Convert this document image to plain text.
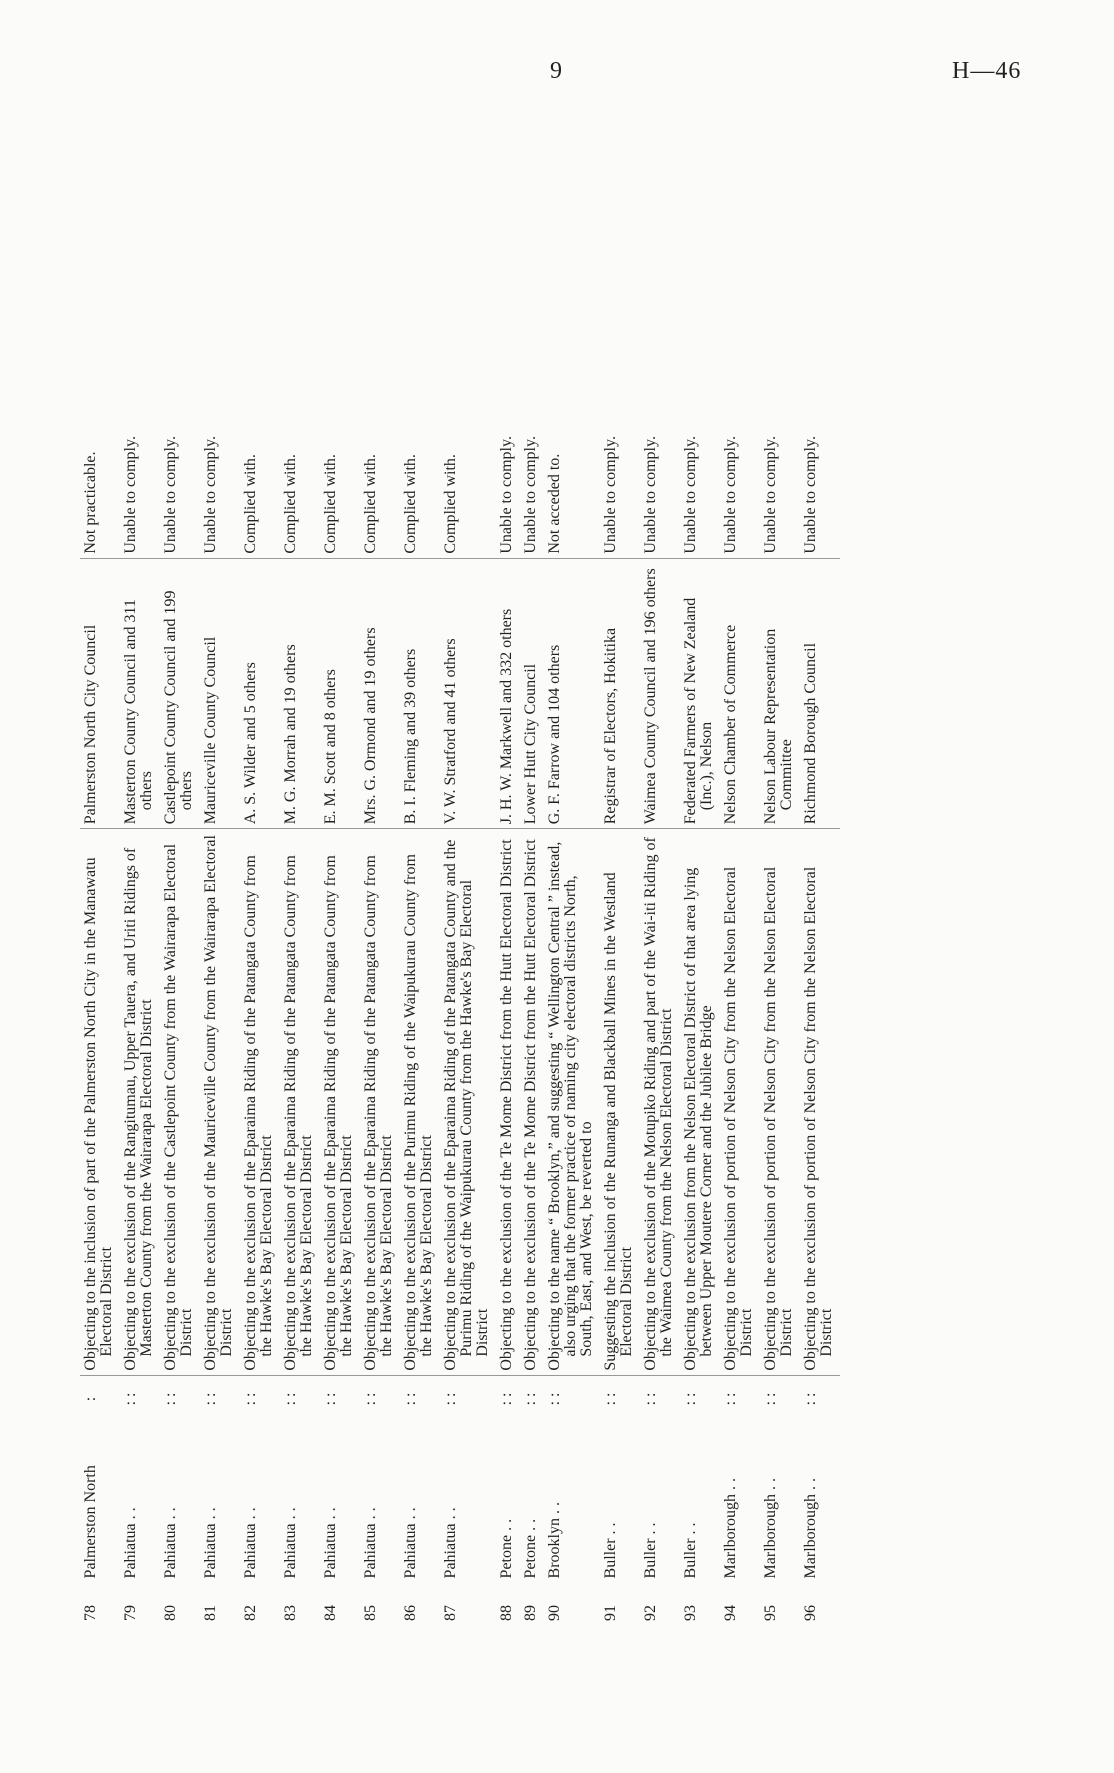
9	H—46
78	Palmerston North	:	Objecting to the inclusion of part of the Palmerston North City in the Manawatu Electoral District	Palmerston North City Council	Not practicable.

79	Pahiatua . .	: :	Objecting to the exclusion of the Rangitumau, Upper Tauera, and Uriti Ridings of Masterton County from the Wairarapa Electoral District	Masterton County Council and 311 others	Unable to comply.

80	Pahiatua . .	: :	Objecting to the exclusion of the Castlepoint County from the Wairarapa Electoral District	Castlepoint County Council and 199 others	Unable to comply.

81	Pahiatua . .	: :	Objecting to the exclusion of the Mauriceville County from the Wairarapa Electoral District	Mauriceville County Council	Unable to comply.

82	Pahiatua . .	: :	Objecting to the exclusion of the Eparaima Riding of the Patangata County from the Hawke's Bay Electoral District	A. S. Wilder and 5 others	Complied with.

83	Pahiatua . .	: :	Objecting to the exclusion of the Eparaima Riding of the Patangata County from the Hawke's Bay Electoral District	M. G. Morrah and 19 others	Complied with.

84	Pahiatua . .	: :	Objecting to the exclusion of the Eparaima Riding of the Patangata County from the Hawke's Bay Electoral District	E. M. Scott and 8 others	Complied with.

85	Pahiatua . .	: :	Objecting to the exclusion of the Eparaima Riding of the Patangata County from the Hawke's Bay Electoral District	Mrs. G. Ormond and 19 others	Complied with.

86	Pahiatua . .	: :	Objecting to the exclusion of the Purimu Riding of the Waipukurau County from the Hawke's Bay Electoral District	B. I. Fleming and 39 others	Complied with.

87	Pahiatua . .	: :	Objecting to the exclusion of the Eparaima Riding of the Patangata County and the Purimu Riding of the Waipukurau County from the Hawke's Bay Electoral District	V. W. Stratford and 41 others	Complied with.

88	Petone . .	: :	Objecting to the exclusion of the Te Mome District from the Hutt Electoral District	J. H. W. Markwell and 332 others	Unable to comply.

89	Petone . .	: :	Objecting to the exclusion of the Te Mome District from the Hutt Electoral District	Lower Hutt City Council	Unable to comply.

90	Brooklyn . .	: :	Objecting to the name “ Brooklyn,” and suggesting “ Wellington Central ” instead, also urging that the former practice of naming city electoral districts North, South, East, and West, be reverted to	G. F. Farrow and 104 others	Not acceded to.

91	Buller . .	: :	Suggesting the inclusion of the Runanga and Blackball Mines in the Westland Electoral District	Registrar of Electors, Hokitika	Unable to comply.

92	Buller . .	: :	Objecting to the exclusion of the Motupiko Riding and part of the Wai-iti Riding of the Waimea County from the Nelson Electoral District	Waimea County Council and 196 others	Unable to comply.

93	Buller . .	: :	Objecting to the exclusion from the Nelson Electoral District of that area lying between Upper Moutere Corner and the Jubilee Bridge	Federated Farmers of New Zealand (Inc.), Nelson	Unable to comply.

94	Marlborough . .	: :	Objecting to the exclusion of portion of Nelson City from the Nelson Electoral District	Nelson Chamber of Commerce	Unable to comply.

95	Marlborough . .	: :	Objecting to the exclusion of portion of Nelson City from the Nelson Electoral District	Nelson Labour Representation Committee	Unable to comply.

96	Marlborough . .	: :	Objecting to the exclusion of portion of Nelson City from the Nelson Electoral District	Richmond Borough Council	Unable to comply.
